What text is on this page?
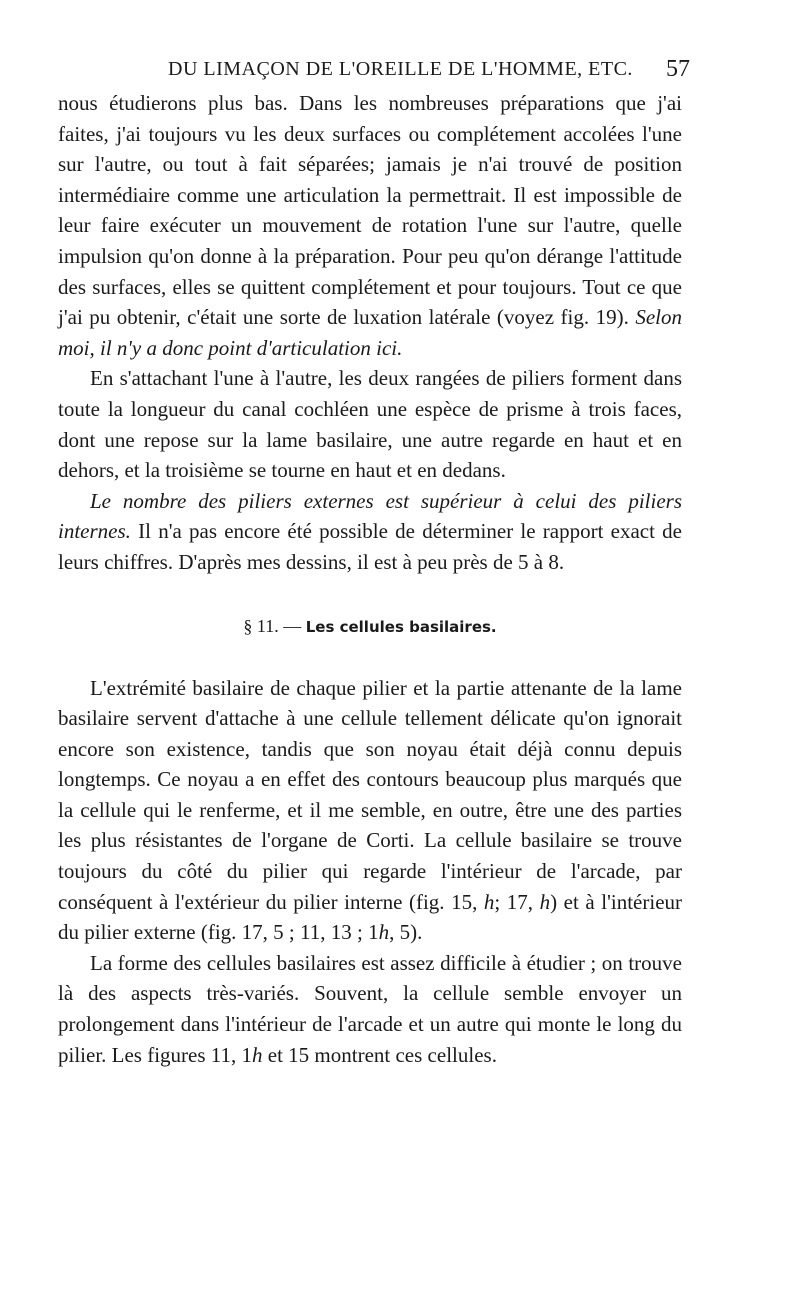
DU LIMAÇON DE L'OREILLE DE L'HOMME, ETC. 57

nous étudierons plus bas. Dans les nombreuses préparations que j'ai faites, j'ai toujours vu les deux surfaces ou complétement accolées l'une sur l'autre, ou tout à fait séparées; jamais je n'ai trouvé de position intermédiaire comme une articulation la permettrait. Il est impossible de leur faire exécuter un mouvement de rotation l'une sur l'autre, quelle impulsion qu'on donne à la préparation. Pour peu qu'on dérange l'attitude des surfaces, elles se quittent complétement et pour toujours. Tout ce que j'ai pu obtenir, c'était une sorte de luxation latérale (voyez fig. 19). Selon moi, il n'y a donc point d'articulation ici.

En s'attachant l'une à l'autre, les deux rangées de piliers forment dans toute la longueur du canal cochléen une espèce de prisme à trois faces, dont une repose sur la lame basilaire, une autre regarde en haut et en dehors, et la troisième se tourne en haut et en dedans.

Le nombre des piliers externes est supérieur à celui des piliers internes. Il n'a pas encore été possible de déterminer le rapport exact de leurs chiffres. D'après mes dessins, il est à peu près de 5 à 8.

§ 11. — Les cellules basilaires.

L'extrémité basilaire de chaque pilier et la partie attenante de la lame basilaire servent d'attache à une cellule tellement délicate qu'on ignorait encore son existence, tandis que son noyau était déjà connu depuis longtemps. Ce noyau a en effet des contours beaucoup plus marqués que la cellule qui le renferme, et il me semble, en outre, être une des parties les plus résistantes de l'organe de Corti. La cellule basilaire se trouve toujours du côté du pilier qui regarde l'intérieur de l'arcade, par conséquent à l'extérieur du pilier interne (fig. 15, h; 17, h) et à l'intérieur du pilier externe (fig. 17, 5 ; 11, 13 ; 1h, 5).

La forme des cellules basilaires est assez difficile à étudier ; on trouve là des aspects très-variés. Souvent, la cellule semble envoyer un prolongement dans l'intérieur de l'arcade et un autre qui monte le long du pilier. Les figures 11, 1h et 15 montrent ces cellules.
